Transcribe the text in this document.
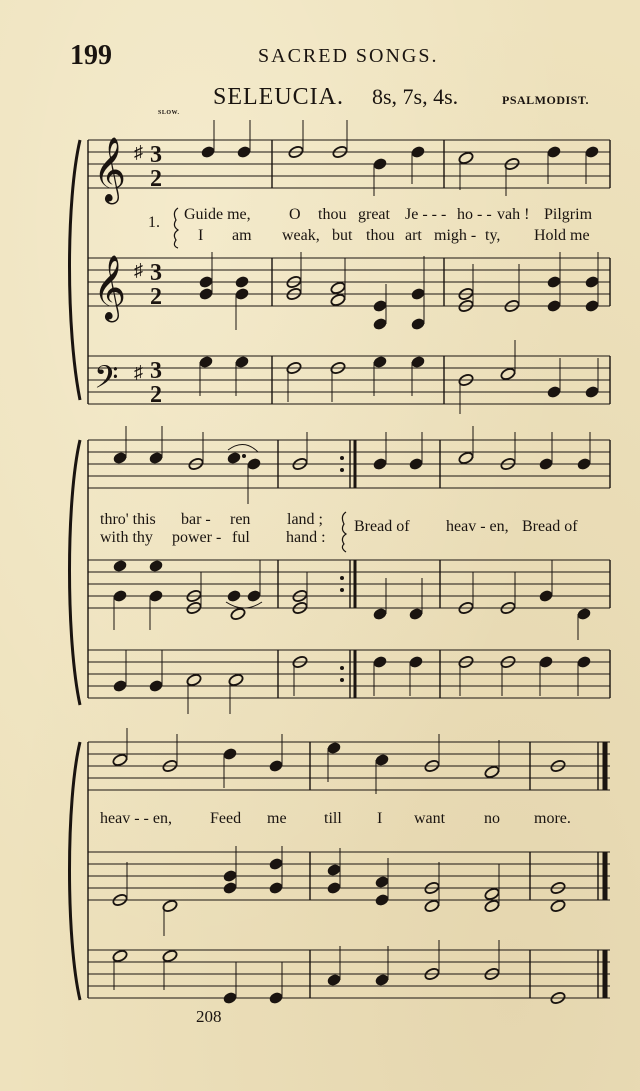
199	SACRED SONGS.
SELEUCIA. 8s, 7s, 4s.	PSALMODIST.
SLOW.
𝄞
𝄞
𝄢
♯
♯
♯
3
2
3
2
3
2
1. Guide me, O thou great Je - - - ho - - vah ! Pilgrim
I am weak, but thou art migh - ty, Hold me
thro' this bar - ren land ; Bread of heav - en, Bread of
with thy power - ful hand :
heav - - en, Feed me till I want no more.
208
